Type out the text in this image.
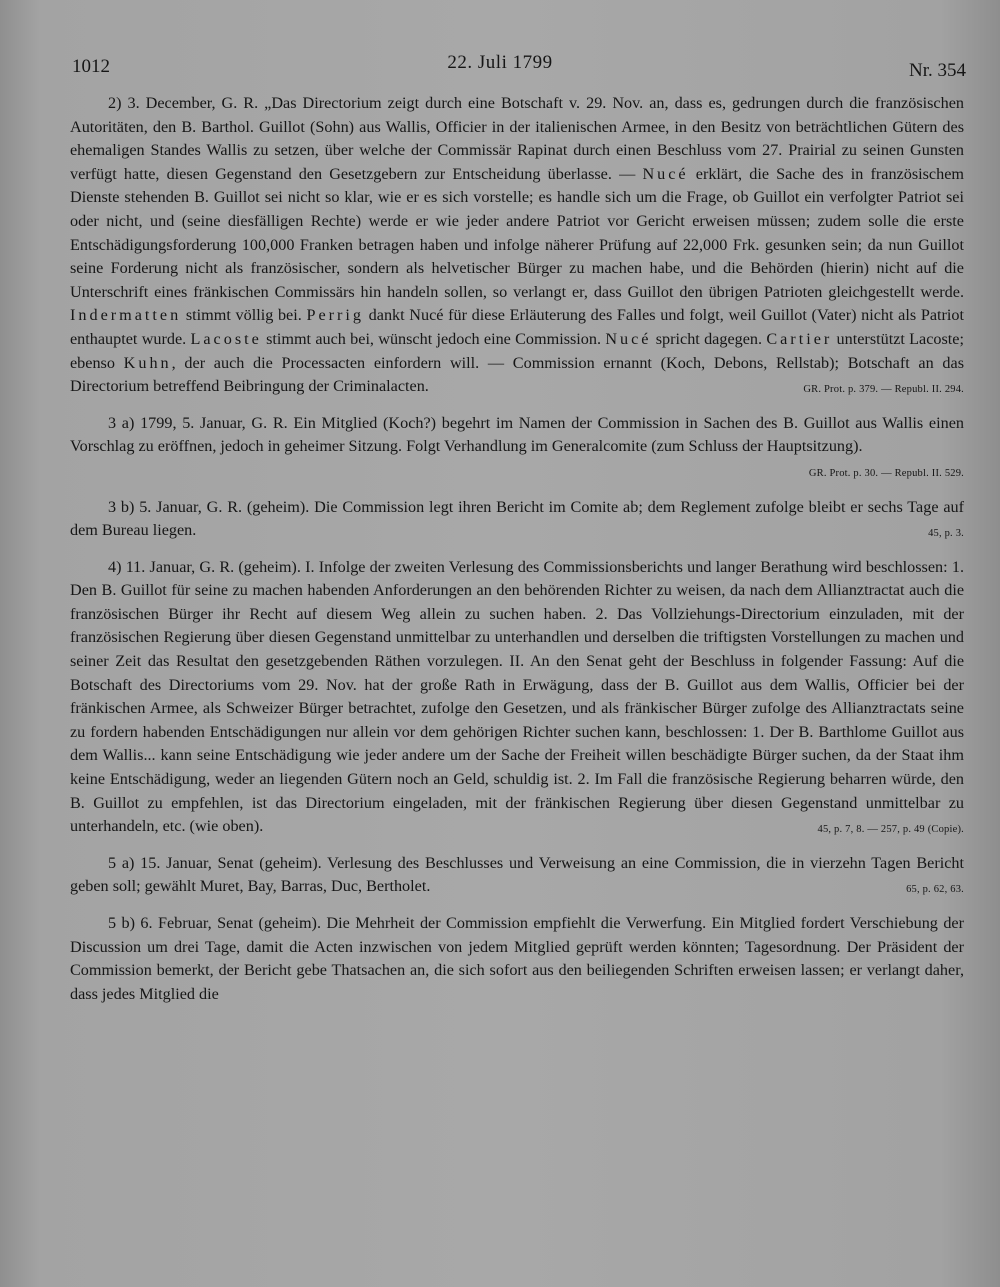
1012	22. Juli 1799	Nr. 354

2) 3. December, G. R. „Das Directorium zeigt durch eine Botschaft v. 29. Nov. an, dass es, gedrungen durch die französischen Autoritäten, den B. Barthol. Guillot (Sohn) aus Wallis, Officier in der italienischen Armee, in den Besitz von beträchtlichen Gütern des ehemaligen Standes Wallis zu setzen, über welche der Commissär Rapinat durch einen Beschluss vom 27. Prairial zu seinen Gunsten verfügt hatte, diesen Gegenstand den Gesetzgebern zur Entscheidung überlasse. — Nucé erklärt, die Sache des in französischem Dienste stehenden B. Guillot sei nicht so klar, wie er es sich vorstelle; es handle sich um die Frage, ob Guillot ein verfolgter Patriot sei oder nicht, und (seine diesfälligen Rechte) werde er wie jeder andere Patriot vor Gericht erweisen müssen; zudem solle die erste Entschädigungsforderung 100,000 Franken betragen haben und infolge näherer Prüfung auf 22,000 Frk. gesunken sein; da nun Guillot seine Forderung nicht als französischer, sondern als helvetischer Bürger zu machen habe, und die Behörden (hierin) nicht auf die Unterschrift eines fränkischen Commissärs hin handeln sollen, so verlangt er, dass Guillot den übrigen Patrioten gleichgestellt werde. Indermatten stimmt völlig bei. Perrig dankt Nucé für diese Erläuterung des Falles und folgt, weil Guillot (Vater) nicht als Patriot enthauptet wurde. Lacoste stimmt auch bei, wünscht jedoch eine Commission. Nucé spricht dagegen. Cartier unterstützt Lacoste; ebenso Kuhn, der auch die Processacten einfordern will. — Commission ernannt (Koch, Debons, Rellstab); Botschaft an das Directorium betreffend Beibringung der Criminalacten.	GR. Prot. p. 379. — Republ. II. 294.

3 a) 1799, 5. Januar, G. R. Ein Mitglied (Koch?) begehrt im Namen der Commission in Sachen des B. Guillot aus Wallis einen Vorschlag zu eröffnen, jedoch in geheimer Sitzung. Folgt Verhandlung im Generalcomite (zum Schluss der Hauptsitzung).
GR. Prot. p. 30. — Republ. II. 529.

3 b) 5. Januar, G. R. (geheim). Die Commission legt ihren Bericht im Comite ab; dem Reglement zufolge bleibt er sechs Tage auf dem Bureau liegen.	45, p. 3.

4) 11. Januar, G. R. (geheim). I. Infolge der zweiten Verlesung des Commissionsberichts und langer Berathung wird beschlossen: 1. Den B. Guillot für seine zu machen habenden Anforderungen an den behörenden Richter zu weisen, da nach dem Allianztractat auch die französischen Bürger ihr Recht auf diesem Weg allein zu suchen haben. 2. Das Vollziehungs-Directorium einzuladen, mit der französischen Regierung über diesen Gegenstand unmittelbar zu unterhandlen und derselben die triftigsten Vorstellungen zu machen und seiner Zeit das Resultat den gesetzgebenden Räthen vorzulegen. II. An den Senat geht der Beschluss in folgender Fassung: Auf die Botschaft des Directoriums vom 29. Nov. hat der große Rath in Erwägung, dass der B. Guillot aus dem Wallis, Officier bei der fränkischen Armee, als Schweizer Bürger betrachtet, zufolge den Gesetzen, und als fränkischer Bürger zufolge des Allianztractats seine zu fordern habenden Entschädigungen nur allein vor dem gehörigen Richter suchen kann, beschlossen: 1. Der B. Barthlome Guillot aus dem Wallis... kann seine Entschädigung wie jeder andere um der Sache der Freiheit willen beschädigte Bürger suchen, da der Staat ihm keine Entschädigung, weder an liegenden Gütern noch an Geld, schuldig ist. 2. Im Fall die französische Regierung beharren würde, den B. Guillot zu empfehlen, ist das Directorium eingeladen, mit der fränkischen Regierung über diesen Gegenstand unmittelbar zu unterhandeln, etc. (wie oben).	45, p. 7, 8. — 257, p. 49 (Copie).

5 a) 15. Januar, Senat (geheim). Verlesung des Beschlusses und Verweisung an eine Commission, die in vierzehn Tagen Bericht geben soll; gewählt Muret, Bay, Barras, Duc, Bertholet.	65, p. 62, 63.

5 b) 6. Februar, Senat (geheim). Die Mehrheit der Commission empfiehlt die Verwerfung. Ein Mitglied fordert Verschiebung der Discussion um drei Tage, damit die Acten inzwischen von jedem Mitglied geprüft werden könnten; Tagesordnung. Der Präsident der Commission bemerkt, der Bericht gebe Thatsachen an, die sich sofort aus den beiliegenden Schriften erweisen lassen; er verlangt daher, dass jedes Mitglied die
